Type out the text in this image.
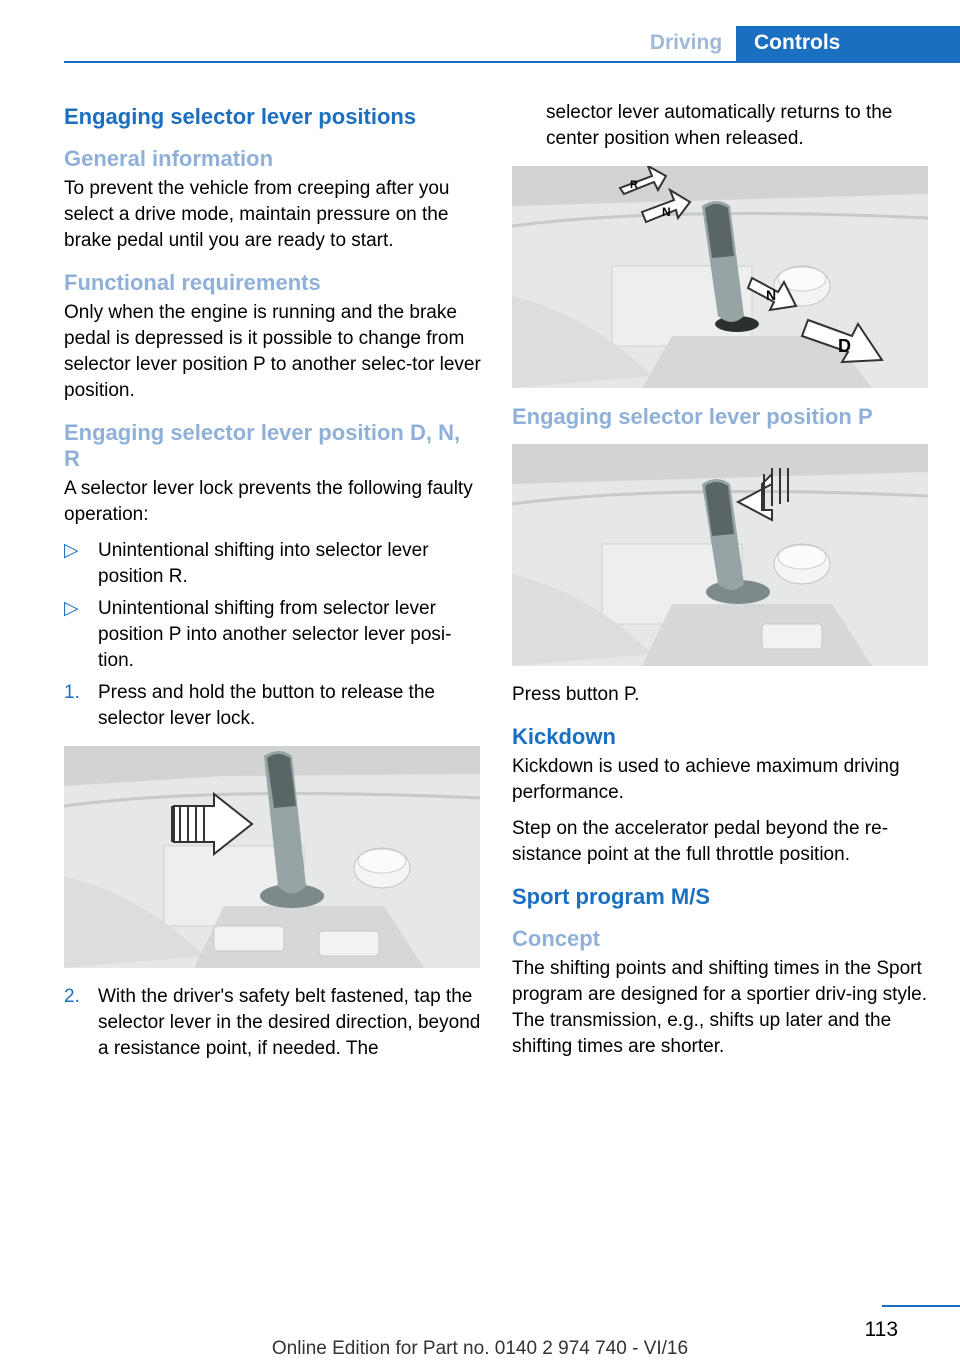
Driving	Controls
Engaging selector lever positions
General information

To prevent the vehicle from creeping after you select a drive mode, maintain pressure on the brake pedal until you are ready to start.

Functional requirements

Only when the engine is running and the brake pedal is depressed is it possible to change from selector lever position P to another selec‐tor lever position.

Engaging selector lever position D, N, R

A selector lever lock prevents the following faulty operation:

▷ Unintentional shifting into selector lever position R.
▷ Unintentional shifting from selector lever position P into another selector lever posi‐tion.
1. Press and hold the button to release the selector lever lock.
2. With the driver's safety belt fastened, tap the selector lever in the desired direction, beyond a resistance point, if needed. The

selector lever automatically returns to the center position when released.

R
N
N
D
Engaging selector lever position P

Press button P.

Kickdown

Kickdown is used to achieve maximum driving performance.

Step on the accelerator pedal beyond the re‐sistance point at the full throttle position.

Sport program M/S
Concept

The shifting points and shifting times in the Sport program are designed for a sportier driv‐ing style. The transmission, e.g., shifts up later and the shifting times are shorter.

113
Online Edition for Part no. 0140 2 974 740 - VI/16
